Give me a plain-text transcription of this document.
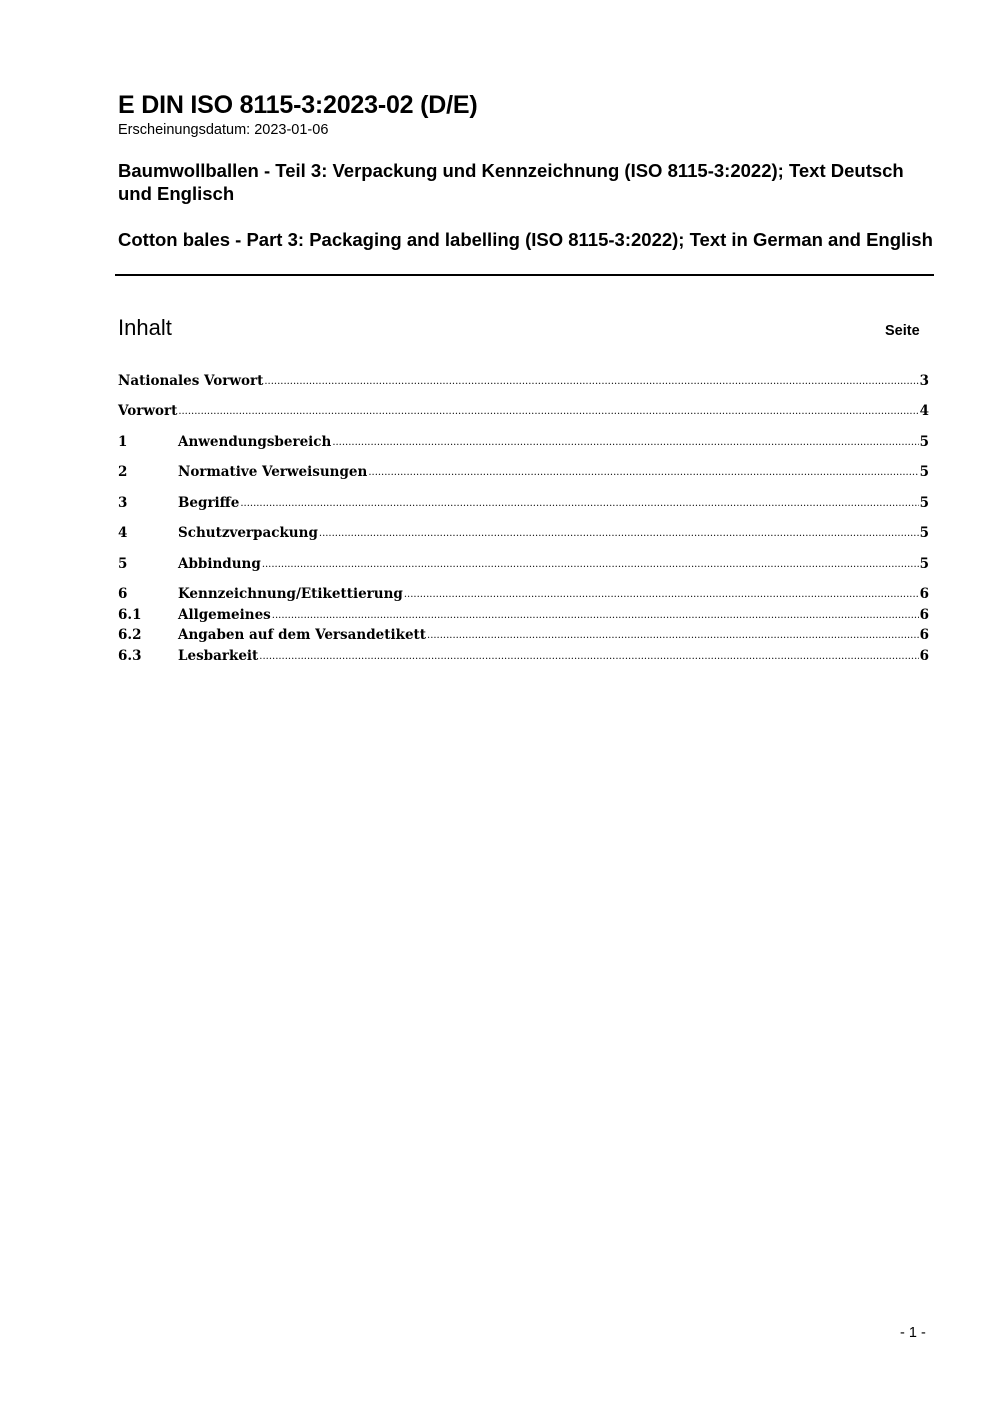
E DIN ISO 8115-3:2023-02 (D/E)
Erscheinungsdatum: 2023-01-06
Baumwollballen - Teil 3: Verpackung und Kennzeichnung (ISO 8115-3:2022); Text Deutsch und Englisch
Cotton bales - Part 3: Packaging and labelling (ISO 8115-3:2022); Text in German and English
Inhalt	Seite
Nationales Vorwort .....	3
Vorwort .....	4
1	Anwendungsbereich .....	5
2	Normative Verweisungen .....	5
3	Begriffe .....	5
4	Schutzverpackung .....	5
5	Abbindung .....	5
6	Kennzeichnung/Etikettierung .....	6
6.1	Allgemeines .....	6
6.2	Angaben auf dem Versandetikett .....	6
6.3	Lesbarkeit .....	6
- 1 -
